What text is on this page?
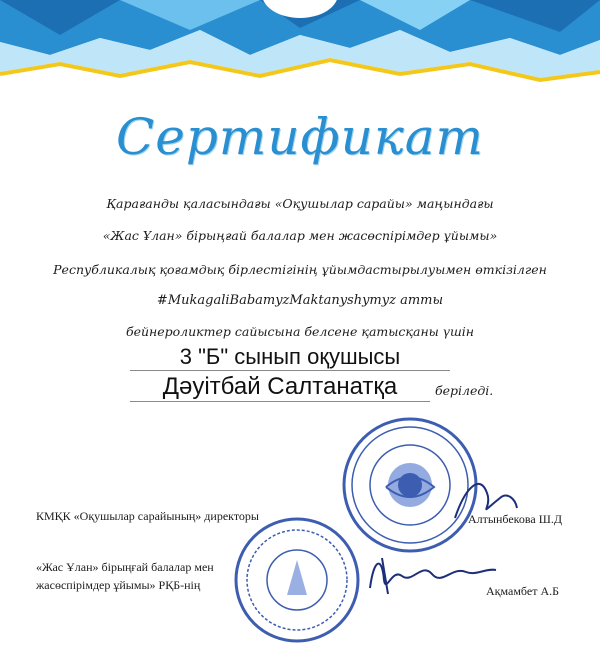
Сертификат
Қарағанды қаласындағы «Оқушылар сарайы» маңындағы
«Жас Ұлан» бірыңғай балалар мен жасөспірімдер ұйымы»
Республикалық қоғамдық бірлестігінің ұйымдастырылуымен өткізілген
#MukagaliBabamyzMaktanyshymyz атты
бейнероликтер сайысына белсене қатысқаны үшін
3 "Б" сынып оқушысы
Дәуітбай Салтанатқа	беріледі.
КМҚК «Оқушылар сарайының» директоры	Алтынбекова Ш.Д
«Жас Ұлан» бірыңғай балалар мен
жасөспірімдер ұйымы» РҚБ-нің	Ақмамбет А.Б
